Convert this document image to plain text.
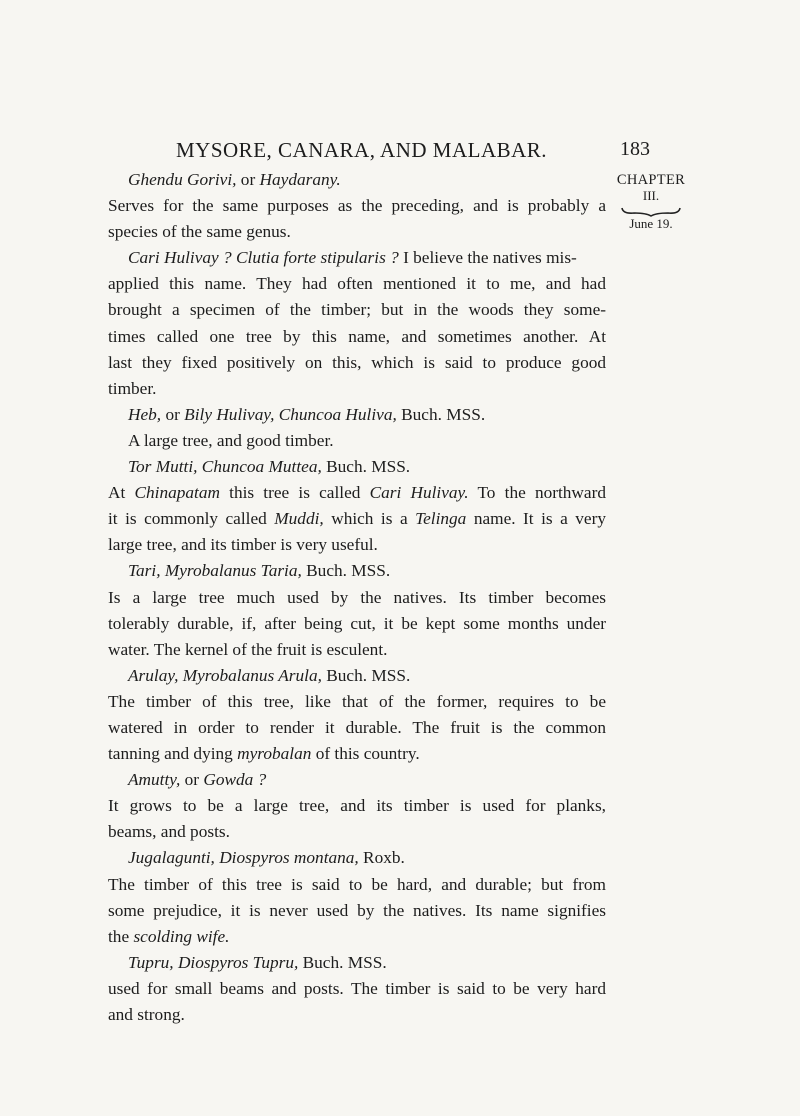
MYSORE, CANARA, AND MALABAR.	183
CHAPTER
III.
June 19.
Ghendu Gorivi, or Haydarany.
Serves for the same purposes as the preceding, and is probably a
species of the same genus.
Cari Hulivay ? Clutia forte stipularis ? I believe the natives mis-
applied this name. They had often mentioned it to me, and had
brought a specimen of the timber; but in the woods they some-
times called one tree by this name, and sometimes another. At
last they fixed positively on this, which is said to produce good
timber.
Heb, or Bily Hulivay, Chuncoa Huliva, Buch. MSS.
A large tree, and good timber.
Tor Mutti, Chuncoa Muttea, Buch. MSS.
At Chinapatam this tree is called Cari Hulivay. To the northward
it is commonly called Muddi, which is a Telinga name. It is a very
large tree, and its timber is very useful.
Tari, Myrobalanus Taria, Buch. MSS.
Is a large tree much used by the natives. Its timber becomes
tolerably durable, if, after being cut, it be kept some months under
water. The kernel of the fruit is esculent.
Arulay, Myrobalanus Arula, Buch. MSS.
The timber of this tree, like that of the former, requires to be
watered in order to render it durable. The fruit is the common
tanning and dying myrobalan of this country.
Amutty, or Gowda ?
It grows to be a large tree, and its timber is used for planks,
beams, and posts.
Jugalagunti, Diospyros montana, Roxb.
The timber of this tree is said to be hard, and durable; but from
some prejudice, it is never used by the natives. Its name signifies
the scolding wife.
Tupru, Diospyros Tupru, Buch. MSS.
used for small beams and posts. The timber is said to be very hard
and strong.
